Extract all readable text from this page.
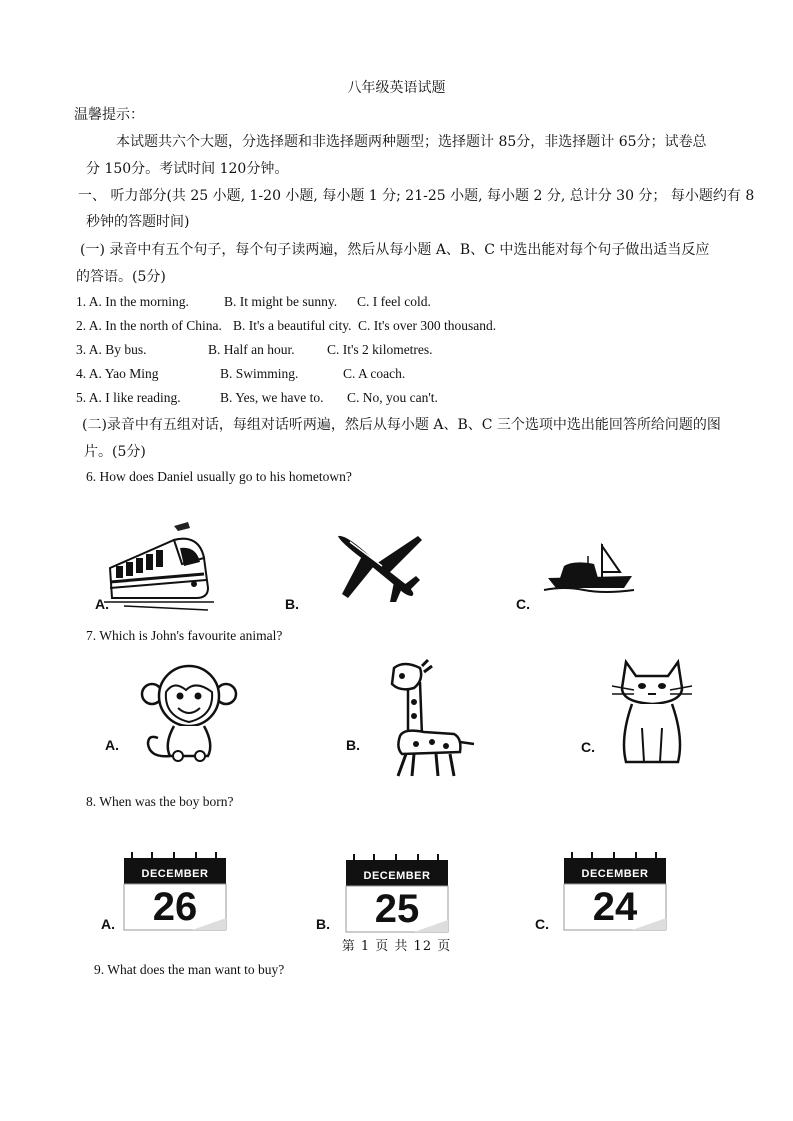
八年级英语试题
温馨提示：
本试题共六个大题，分选择题和非选择题两种题型；选择题计 85分，非选择题计 65分；试卷总
分 150分。考试时间 120分钟。
一、 听力部分(共 25 小题, 1-20 小题, 每小题 1 分; 21-25 小题, 每小题 2 分, 总计分 30 分； 每小题约有 8
秒钟的答题时间)
(一) 录音中有五个句子，每个句子读两遍，然后从每小题 A、B、C 中选出能对每个句子做出适当反应
的答语。(5分)
1. A. In the morning.	B. It might be sunny. C. I feel cold.
2. A. In the north of China. B. It's a beautiful city. C. It's over 300 thousand.
3. A. By bus.	B. Half an hour. C. It's 2 kilometres.
4. A. Yao Ming	B. Swimming.	C. A coach.
5. A. I like reading.	B. Yes, we have to. C. No, you can't.
(二)录音中有五组对话，每组对话听两遍，然后从每小题 A、B、C 三个选项中选出能回答所给问题的图
片。(5分)
6. How does Daniel usually go to his hometown?
A.	B.	C.
7. Which is John's favourite animal?
A.	B.	C.
8. When was the boy born?
DECEMBER
26
A.
DECEMBER
25
B.
DECEMBER
24
C.
第 1 页 共 12 页
9. What does the man want to buy?
